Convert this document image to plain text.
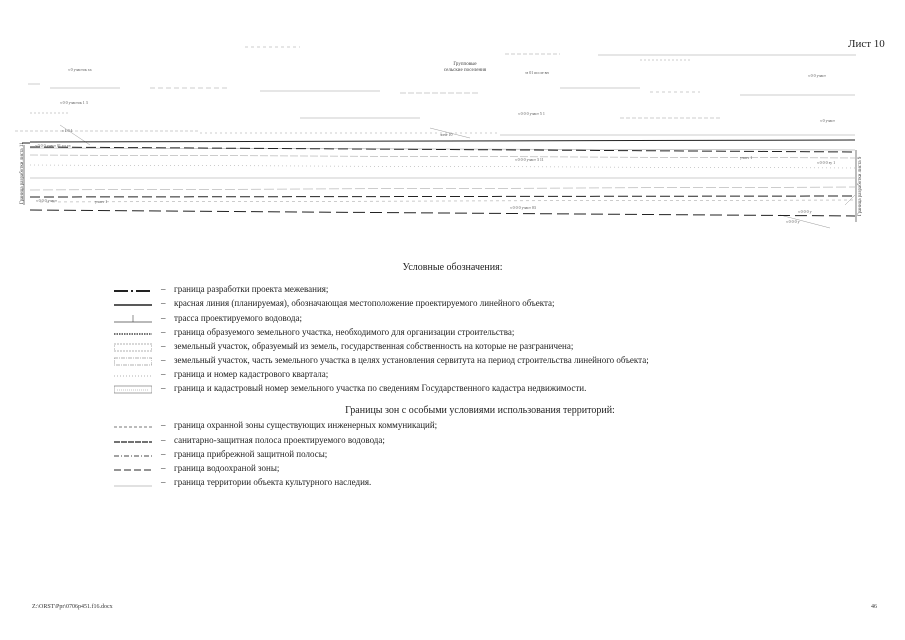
Лист 10
з 0 участок хх
з 0 0 участок 1 3
зз 01 иссле вн
з 0 0 участ
з 0 0 0 участ 5 1
з 0 участ
з 1 0 1
зоне 10
з 0 0 0 участ 01 ул ул
з 0 0 0 участ 3 11	участ 1
з 0 0 0 зу 1
з 0 0 0 участ	участ 1
з 0 0 0 участ 03
з 0 0 0 у
з 0 0 0 у
Групповые
сельские поселения
Граница разработки листа 11	Граница разработки листа 9
Условные обозначения:
– граница разработки проекта межевания;
– красная линия (планируемая), обозначающая местоположение проектируемого линейного объекта;
– трасса проектируемого водовода;
– граница образуемого земельного участка, необходимого для организации строительства;
– земельный участок, образуемый из земель, государственная собственность на которые не разграничена;
– земельный участок, часть земельного участка в целях установления сервитута на период строительства линейного объекта;
– граница и номер кадастрового квартала;
– граница и кадастровый номер земельного участка по сведениям Государственного кадастра недвижимости.
Границы зон с особыми условиями использования территорий:
– граница охранной зоны существующих инженерных коммуникаций;
– санитарно-защитная полоса проектируемого водовода;
– граница прибрежной защитной полосы;
– граница водоохраной зоны;
– граница территории объекта культурного наследия.
Z:\ORST\Ppr\0706р451.f16.docx	46
